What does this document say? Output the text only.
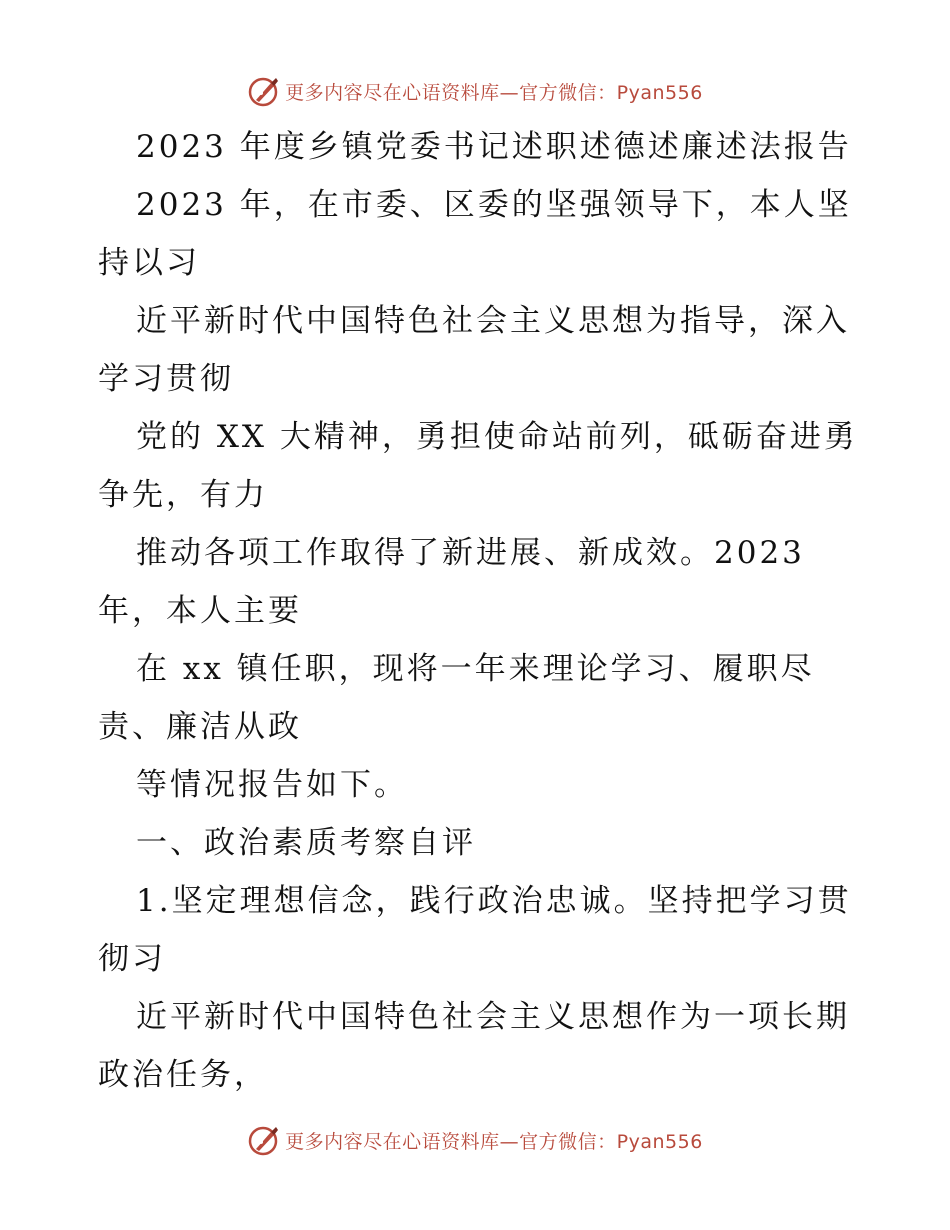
更多内容尽在心语资料库—官方微信：Pyan556
2023 年度乡镇党委书记述职述德述廉述法报告
2023 年，在市委、区委的坚强领导下，本人坚
持以习
近平新时代中国特色社会主义思想为指导，深入
学习贯彻
党的 XX 大精神，勇担使命站前列，砥砺奋进勇
争先，有力
推动各项工作取得了新进展、新成效。2023
年，本人主要
在 xx 镇任职，现将一年来理论学习、履职尽
责、廉洁从政
等情况报告如下。
一、政治素质考察自评
1.坚定理想信念，践行政治忠诚。坚持把学习贯
彻习
近平新时代中国特色社会主义思想作为一项长期
政治任务，
更多内容尽在心语资料库—官方微信：Pyan556
